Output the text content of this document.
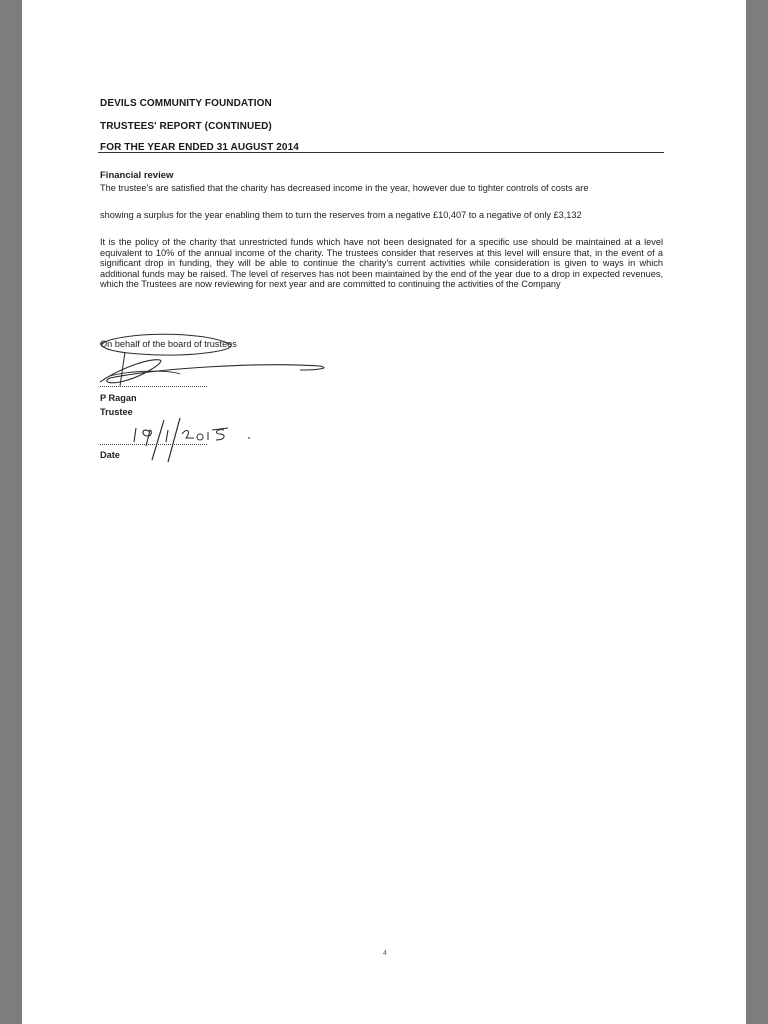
DEVILS COMMUNITY FOUNDATION
TRUSTEES' REPORT (CONTINUED)
FOR THE YEAR ENDED 31 AUGUST 2014
Financial review
The trustee's are satisfied that the charity has decreased income in the year, however due to tighter controls of costs are
showing a surplus for the year enabling them to turn the reserves from a negative £10,407 to a negative of only £3,132
It is the policy of the charity that unrestricted funds which have not been designated for a specific use should be maintained at a level equivalent to 10% of the annual income of the charity. The trustees consider that reserves at this level will ensure that, in the event of a significant drop in funding, they will be able to continue the charity's current activities while consideration is given to ways in which additional funds may be raised. The level of reserves has not been maintained by the end of the year due to a drop in expected revenues, which the Trustees are now reviewing for next year and are committed to continuing the activities of the Company
On behalf of the board of trustees
P Ragan
Trustee
Date
4
